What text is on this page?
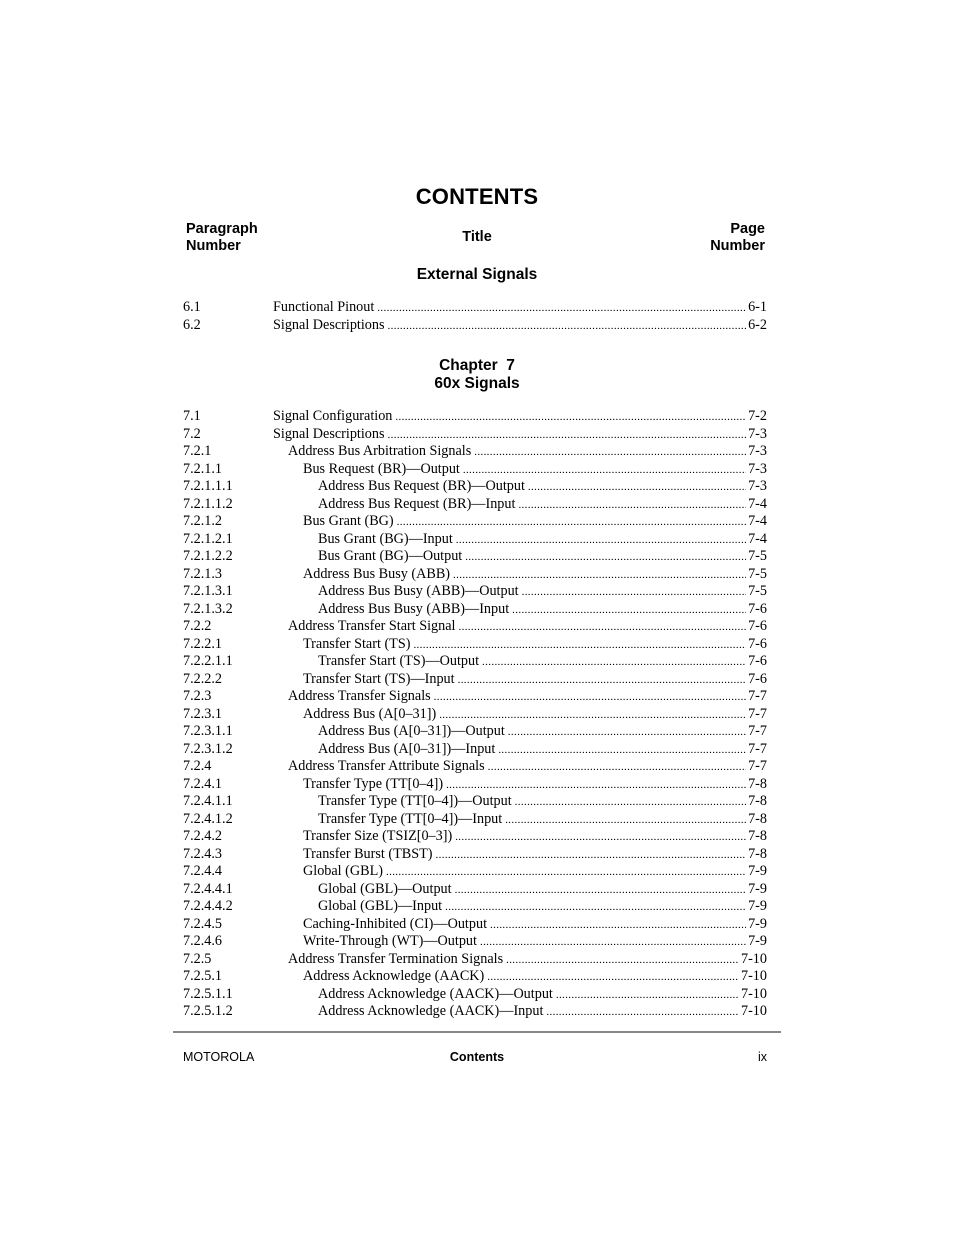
CONTENTS
Paragraph
Number
Title	Page
Number
External Signals
6.1	Functional Pinout . . .	6-1
6.2	Signal Descriptions . . .	6-2
Chapter  7
60x Signals
7.1	Signal Configuration . . .	7-2
7.2	Signal Descriptions . . .	7-3
7.2.1	Address Bus Arbitration Signals . . .	7-3
7.2.1.1	Bus Request (BR)—Output . . .	7-3
7.2.1.1.1	Address Bus Request (BR)—Output . . .	7-3
7.2.1.1.2	Address Bus Request (BR)—Input . . .	7-4
7.2.1.2	Bus Grant (BG) . . .	7-4
7.2.1.2.1	Bus Grant (BG)—Input . . .	7-4
7.2.1.2.2	Bus Grant (BG)—Output . . .	7-5
7.2.1.3	Address Bus Busy (ABB) . . .	7-5
7.2.1.3.1	Address Bus Busy (ABB)—Output . . .	7-5
7.2.1.3.2	Address Bus Busy (ABB)—Input . . .	7-6
7.2.2	Address Transfer Start Signal . . .	7-6
7.2.2.1	Transfer Start (TS) . . .	7-6
7.2.2.1.1	Transfer Start (TS)—Output . . .	7-6
7.2.2.2	Transfer Start (TS)—Input . . .	7-6
7.2.3	Address Transfer Signals . . .	7-7
7.2.3.1	Address Bus (A[0–31]) . . .	7-7
7.2.3.1.1	Address Bus (A[0–31])—Output . . .	7-7
7.2.3.1.2	Address Bus (A[0–31])—Input . . .	7-7
7.2.4	Address Transfer Attribute Signals . . .	7-7
7.2.4.1	Transfer Type (TT[0–4]) . . .	7-8
7.2.4.1.1	Transfer Type (TT[0–4])—Output . . .	7-8
7.2.4.1.2	Transfer Type (TT[0–4])—Input . . .	7-8
7.2.4.2	Transfer Size (TSIZ[0–3]) . . .	7-8
7.2.4.3	Transfer Burst (TBST) . . .	7-8
7.2.4.4	Global (GBL) . . .	7-9
7.2.4.4.1	Global (GBL)—Output . . .	7-9
7.2.4.4.2	Global (GBL)—Input . . .	7-9
7.2.4.5	Caching-Inhibited (CI)—Output . . .	7-9
7.2.4.6	Write-Through (WT)—Output . . .	7-9
7.2.5	Address Transfer Termination Signals . . .	7-10
7.2.5.1	Address Acknowledge (AACK) . . .	7-10
7.2.5.1.1	Address Acknowledge (AACK)—Output . . .	7-10
7.2.5.1.2	Address Acknowledge (AACK)—Input . . .	7-10
MOTOROLA	Contents	ix
